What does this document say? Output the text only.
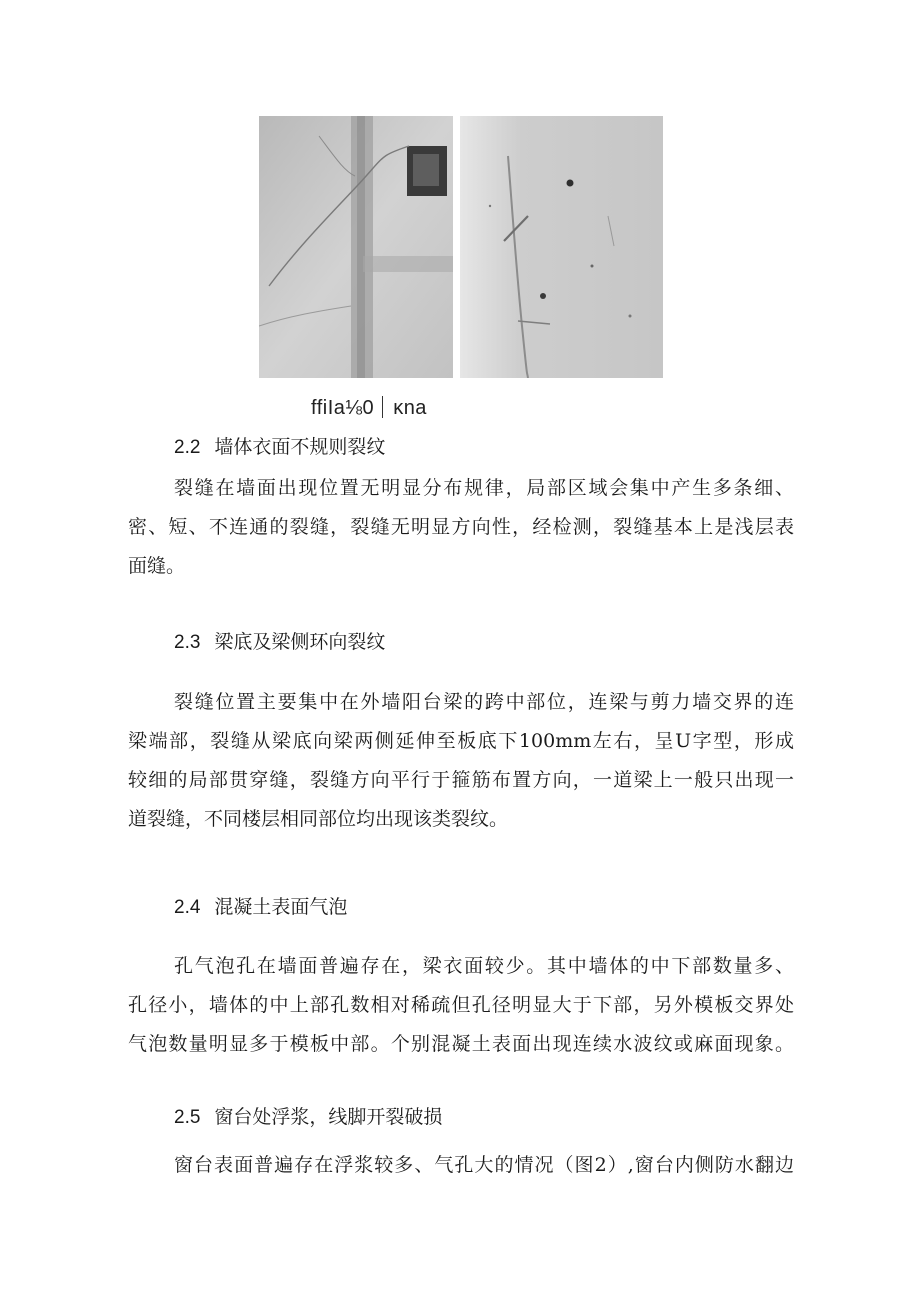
ffiIa⅛0 κna
2.2 墙体衣面不规则裂纹
裂缝在墙面出现位置无明显分布规律，局部区域会集中产生多条细、
密、短、不连通的裂缝，裂缝无明显方向性，经检测，裂缝基本上是浅层表
面缝。
2.3 梁底及梁侧环向裂纹
裂缝位置主要集中在外墙阳台梁的跨中部位，连梁与剪力墙交界的连
梁端部，裂缝从梁底向梁两侧延伸至板底下100mm左右，呈U字型，形成
较细的局部贯穿缝，裂缝方向平行于箍筋布置方向，一道梁上一般只出现一
道裂缝，不同楼层相同部位均出现该类裂纹。
2.4 混凝土表面气泡
孔气泡孔在墙面普遍存在，梁衣面较少。其中墙体的中下部数量多、
孔径小，墙体的中上部孔数相对稀疏但孔径明显大于下部，另外模板交界处
气泡数量明显多于模板中部。个别混凝土表面出现连续水波纹或麻面现象。
2.5 窗台处浮浆，线脚开裂破损
窗台表面普遍存在浮浆较多、气孔大的情况（图2）,窗台内侧防水翻边
